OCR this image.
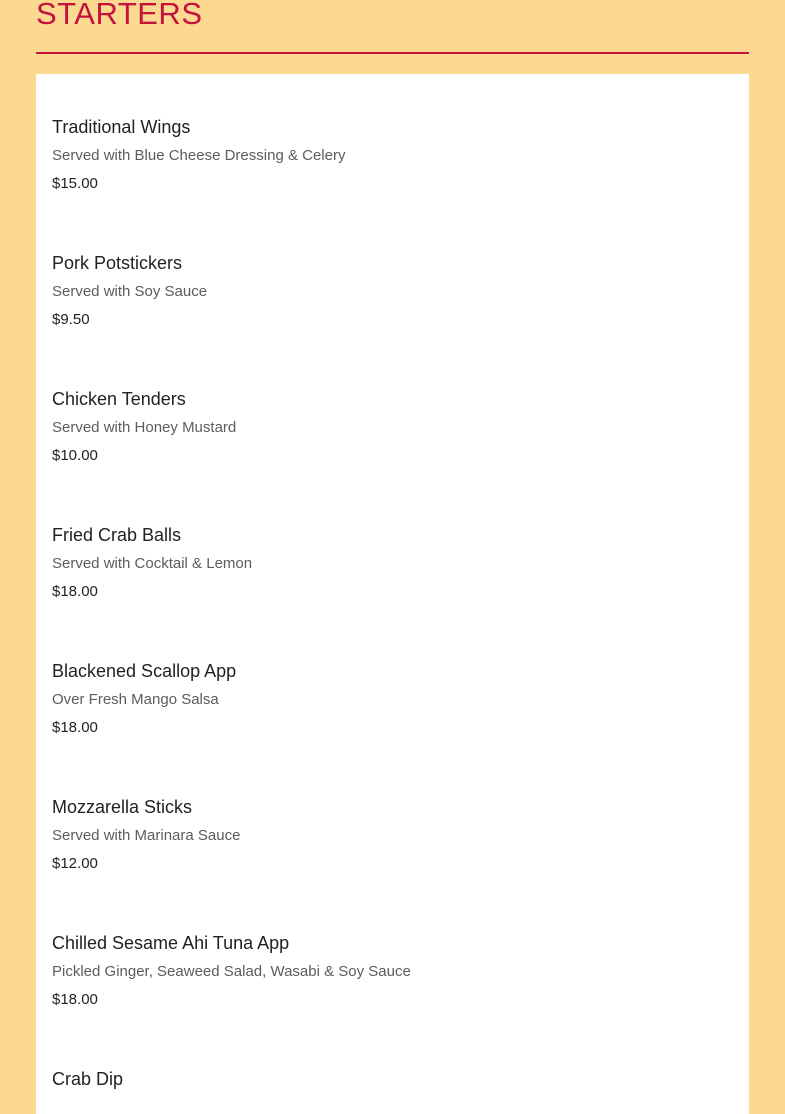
STARTERS
Traditional Wings
Served with Blue Cheese Dressing & Celery
$15.00
Pork Potstickers
Served with Soy Sauce
$9.50
Chicken Tenders
Served with Honey Mustard
$10.00
Fried Crab Balls
Served with Cocktail & Lemon
$18.00
Blackened Scallop App
Over Fresh Mango Salsa
$18.00
Mozzarella Sticks
Served with Marinara Sauce
$12.00
Chilled Sesame Ahi Tuna App
Pickled Ginger, Seaweed Salad, Wasabi & Soy Sauce
$18.00
Crab Dip
